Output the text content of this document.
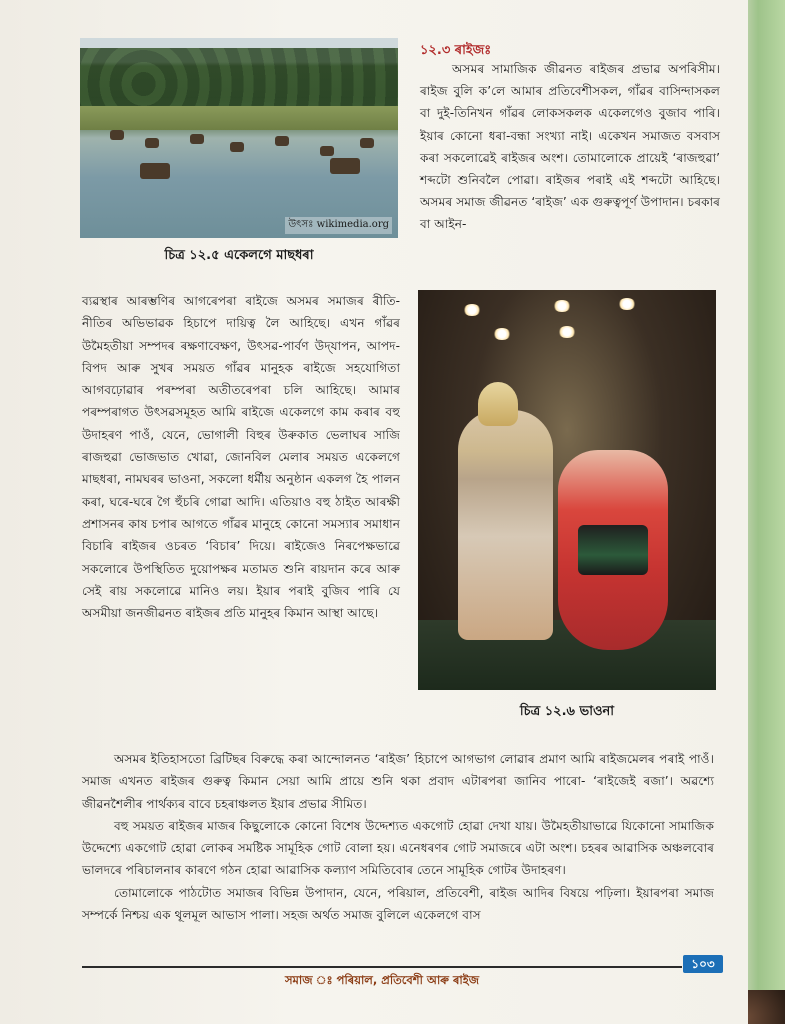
উৎসঃ wikimedia.org
চিত্ৰ ১২.৫ একেলগে মাছধৰা
১২.৩ ৰাইজঃ

অসমৰ সামাজিক জীৱনত ৰাইজৰ প্ৰভাৱ অপৰিসীম। ৰাইজ বুলি ক’লে আমাৰ প্ৰতিবেশীসকল, গাঁৱৰ বাসিন্দাসকল বা দুই-তিনিখন গাঁৱৰ লোকসকলক একেলগেও বুজাব পাৰি। ইয়াৰ কোনো ধৰা-বন্ধা সংখ্যা নাই। একেখন সমাজত বসবাস কৰা সকলোৱেই ৰাইজৰ অংশ। তোমালোকে প্ৰায়েই ‘ৰাজহুৱা’ শব্দটো শুনিবলৈ পোৱা। ৰাইজৰ পৰাই এই শব্দটো আহিছে। অসমৰ সমাজ জীৱনত ‘ৰাইজ’ এক গুৰুত্বপূৰ্ণ উপাদান। চৰকাৰ বা আইন-

ব্যৱস্থাৰ আৰম্ভণিৰ আগৰেপৰা ৰাইজে অসমৰ সমাজৰ ৰীতি-নীতিৰ অভিভাৱক হিচাপে দায়িত্ব লৈ আহিছে। এখন গাঁৱৰ উমৈহতীয়া সম্পদৰ ৰক্ষণাবেক্ষণ, উৎসৱ-পাৰ্বণ উদ্‌যাপন, আপদ-বিপদ আৰু সুখৰ সময়ত গাঁৱৰ মানুহক ৰাইজে সহযোগিতা আগবঢ়োৱাৰ পৰম্পৰা অতীতৰেপৰা চলি আহিছে। আমাৰ পৰম্পৰাগত উৎসৱসমূহত আমি ৰাইজে একেলগে কাম কৰাৰ বহু উদাহৰণ পাওঁ, যেনে, ভোগালী বিহুৰ উৰুকাত ভেলাঘৰ সাজি ৰাজহুৱা ভোজভাত খোৱা, জোনবিল মেলাৰ সময়ত একেলগে মাছধৰা, নামঘৰৰ ভাওনা, সকলো ধৰ্মীয় অনুষ্ঠান একলগ হৈ পালন কৰা, ঘৰে-ঘৰে গৈ হুঁচৰি গোৱা আদি। এতিয়াও বহু ঠাইত আৰক্ষী প্ৰশাসনৰ কাষ চপাৰ আগতে গাঁৱৰ মানুহে কোনো সমস্যাৰ সমাধান বিচাৰি ৰাইজৰ ওচৰত ‘বিচাৰ’ দিয়ে। ৰাইজেও নিৰপেক্ষভাৱে সকলোৰে উপস্থিতিত দুয়োপক্ষৰ মতামত শুনি ৰায়দান কৰে আৰু সেই ৰায় সকলোৱে মানিও লয়। ইয়াৰ পৰাই বুজিব পাৰি যে অসমীয়া জনজীৱনত ৰাইজৰ প্ৰতি মানুহৰ কিমান আস্থা আছে।

চিত্ৰ ১২.৬ ভাওনা

অসমৰ ইতিহাসতো ব্ৰিটিছৰ বিৰুদ্ধে কৰা আন্দোলনত ‘ৰাইজ’ হিচাপে আগভাগ লোৱাৰ প্ৰমাণ আমি ৰাইজমেলৰ পৰাই পাওঁ। সমাজ এখনত ৰাইজৰ গুৰুত্ব কিমান সেয়া আমি প্ৰায়ে শুনি থকা প্ৰবাদ এটাৰপৰা জানিব পাৰো- ‘ৰাইজেই ৰজা’। অৱশ্যে জীৱনশৈলীৰ পাৰ্থক্যৰ বাবে চহৰাঞ্চলত ইয়াৰ প্ৰভাৱ সীমিত।

বহু সময়ত ৰাইজৰ মাজৰ কিছুলোকে কোনো বিশেষ উদ্দেশ্যত একগোট হোৱা দেখা যায়। উমৈহতীয়াভাৱে যিকোনো সামাজিক উদ্দেশ্যে একগোট হোৱা লোকৰ সমষ্টিক সামূহিক গোট বোলা হয়। এনেধৰণৰ গোট সমাজৰে এটা অংশ। চহৰৰ আৱাসিক অঞ্চলবোৰ ভালদৰে পৰিচালনাৰ কাৰণে গঠন হোৱা আৱাসিক কল্যাণ সমিতিবোৰ তেনে সামূহিক গোটৰ উদাহৰণ।

তোমালোকে পাঠটোত সমাজৰ বিভিন্ন উপাদান, যেনে, পৰিয়াল, প্ৰতিবেশী, ৰাইজ আদিৰ বিষয়ে পঢ়িলা। ইয়াৰপৰা সমাজ সম্পৰ্কে নিশ্চয় এক থূলমূল আভাস পালা। সহজ অৰ্থত সমাজ বুলিলে একেলগে বাস

১০৩
সমাজ ঃ পৰিয়াল, প্ৰতিবেশী আৰু ৰাইজ
